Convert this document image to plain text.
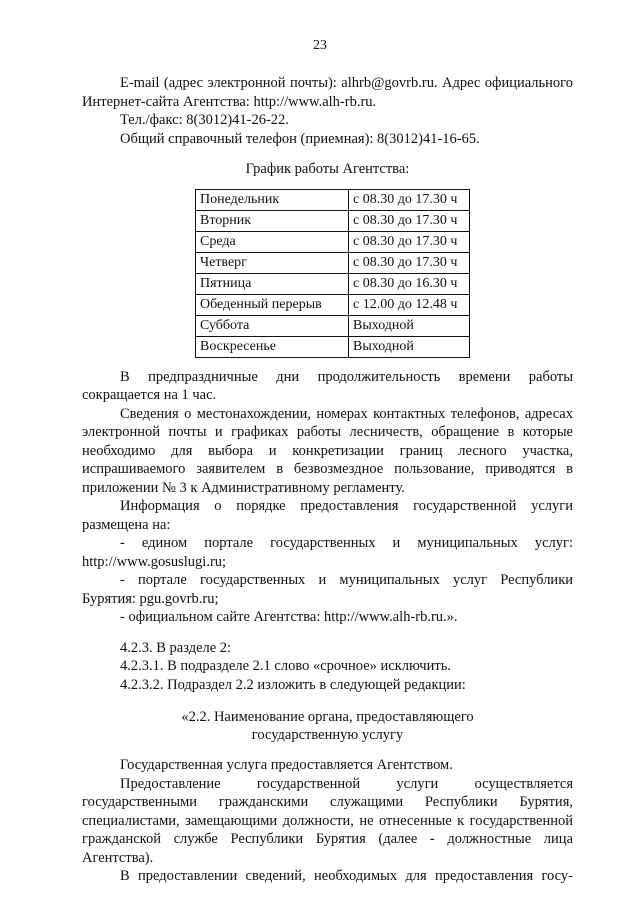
23

E-mail (адрес электронной почты): alhrb@govrb.ru. Адрес официального Интернет-сайта Агентства: http://www.alh-rb.ru.

Тел./факс: 8(3012)41-26-22.

Общий справочный телефон (приемная): 8(3012)41-16-65.

График работы Агентства:

Понедельник	с 08.30 до 17.30 ч
Вторник	с 08.30 до 17.30 ч
Среда	с 08.30 до 17.30 ч
Четверг	с 08.30 до 17.30 ч
Пятница	с 08.30 до 16.30 ч
Обеденный перерыв	с 12.00 до 12.48 ч
Суббота	Выходной
Воскресенье	Выходной

В предпраздничные дни продолжительность времени работы сокращается на 1 час.

Сведения о местонахождении, номерах контактных телефонов, адресах электронной почты и графиках работы лесничеств, обращение в которые необходимо для выбора и конкретизации границ лесного участка, испрашиваемого заявителем в безвозмездное пользование, приводятся в приложении № 3 к Административному регламенту.

Информация о порядке предоставления государственной услуги размещена на:

- едином портале государственных и муниципальных услуг: http://www.gosuslugi.ru;

- портале государственных и муниципальных услуг Республики Бурятия: pgu.govrb.ru;

- официальном сайте Агентства: http://www.alh-rb.ru.».

4.2.3. В разделе 2:

4.2.3.1. В подразделе 2.1 слово «срочное» исключить.

4.2.3.2. Подраздел 2.2 изложить в следующей редакции:

«2.2. Наименование органа, предоставляющего
государственную услугу

Государственная услуга предоставляется Агентством.

Предоставление государственной услуги осуществляется государственными гражданскими служащими Республики Бурятия, специалистами, замещающими должности, не отнесенные к государственной гражданской службе Республики Бурятия (далее - должностные лица Агентства).

В предоставлении сведений, необходимых для предоставления госу-
